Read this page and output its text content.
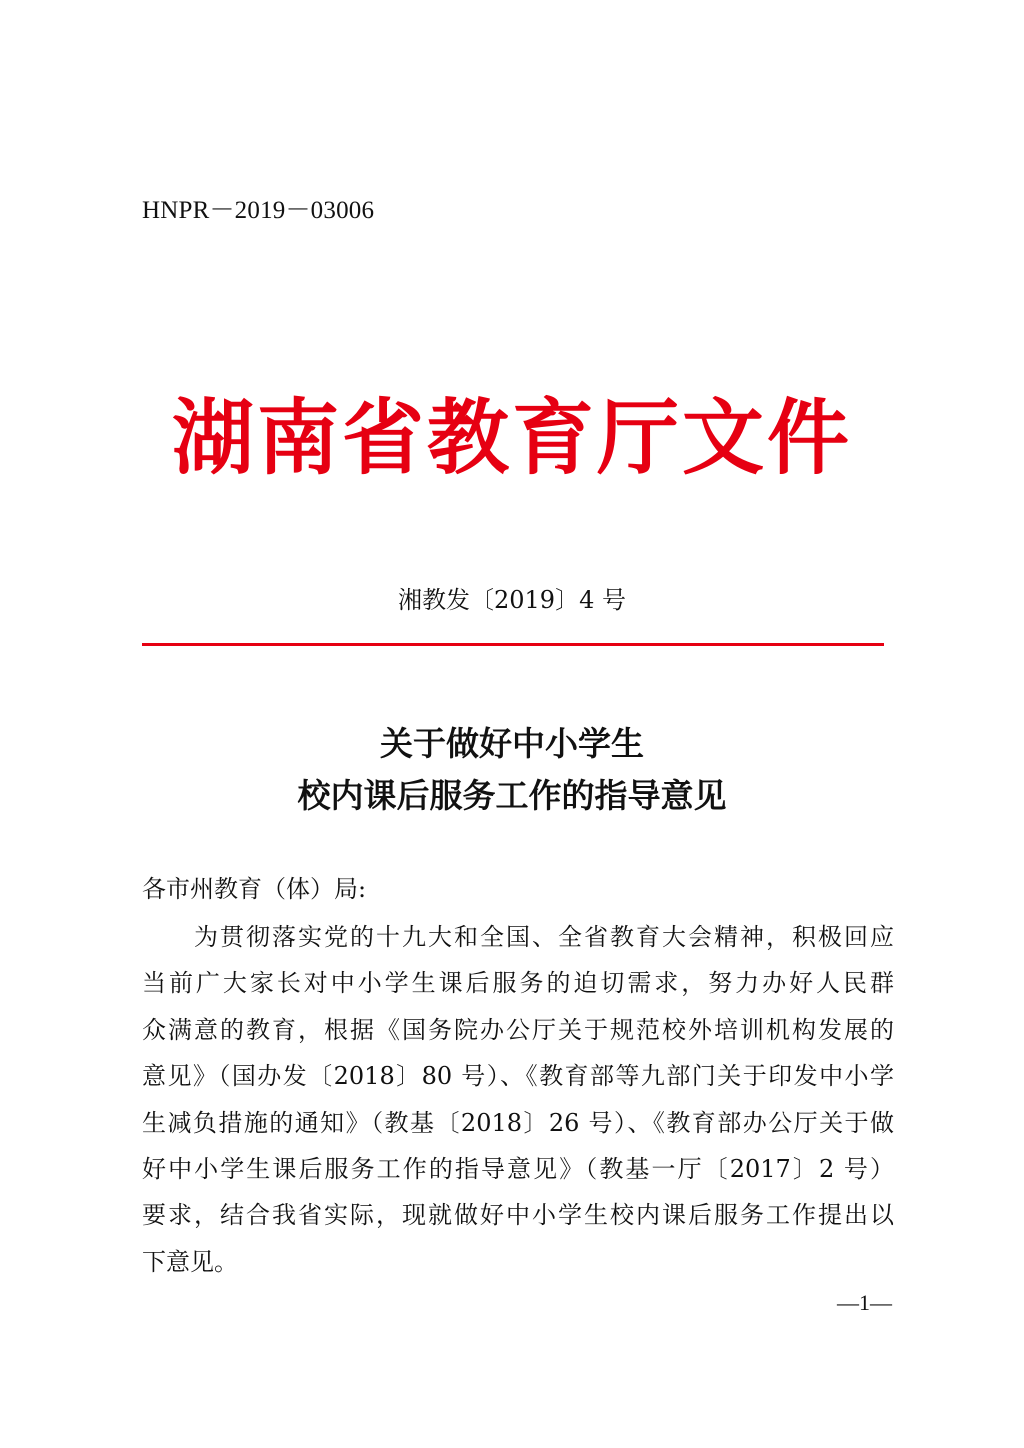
HNPR－2019－03006
湖南省教育厅文件
湘教发〔2019〕4 号
关于做好中小学生
校内课后服务工作的指导意见
各市州教育（体）局:
为贯彻落实党的十九大和全国、全省教育大会精神，积极回应
当前广大家长对中小学生课后服务的迫切需求，努力办好人民群
众满意的教育，根据《国务院办公厅关于规范校外培训机构发展的
意见》（国办发〔2018〕80 号）、《教育部等九部门关于印发中小学
生减负措施的通知》（教基〔2018〕26 号）、《教育部办公厅关于做
好中小学生课后服务工作的指导意见》（教基一厅〔2017〕2 号）
要求，结合我省实际，现就做好中小学生校内课后服务工作提出以
下意见。
—1—
